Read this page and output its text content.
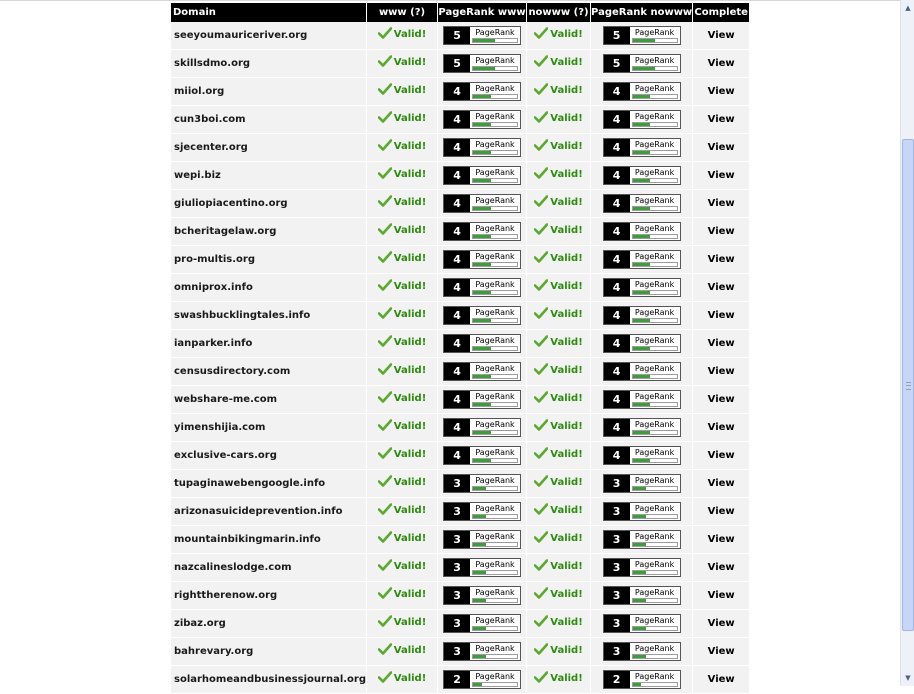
Domain	www (?)	PageRank www	nowww (?)	PageRank nowww	Complete
seeyoumauriceriver.org	Valid!	5 PageRank	Valid!	5 PageRank	View
skillsdmo.org	Valid!	5 PageRank	Valid!	5 PageRank	View
miiol.org	Valid!	4 PageRank	Valid!	4 PageRank	View
cun3boi.com	Valid!	4 PageRank	Valid!	4 PageRank	View
sjecenter.org	Valid!	4 PageRank	Valid!	4 PageRank	View
wepi.biz	Valid!	4 PageRank	Valid!	4 PageRank	View
giuliopiacentino.org	Valid!	4 PageRank	Valid!	4 PageRank	View
bcheritagelaw.org	Valid!	4 PageRank	Valid!	4 PageRank	View
pro-multis.org	Valid!	4 PageRank	Valid!	4 PageRank	View
omniprox.info	Valid!	4 PageRank	Valid!	4 PageRank	View
swashbucklingtales.info	Valid!	4 PageRank	Valid!	4 PageRank	View
ianparker.info	Valid!	4 PageRank	Valid!	4 PageRank	View
censusdirectory.com	Valid!	4 PageRank	Valid!	4 PageRank	View
webshare-me.com	Valid!	4 PageRank	Valid!	4 PageRank	View
yimenshijia.com	Valid!	4 PageRank	Valid!	4 PageRank	View
exclusive-cars.org	Valid!	4 PageRank	Valid!	4 PageRank	View
tupaginawebengoogle.info	Valid!	3 PageRank	Valid!	3 PageRank	View
arizonasuicideprevention.info	Valid!	3 PageRank	Valid!	3 PageRank	View
mountainbikingmarin.info	Valid!	3 PageRank	Valid!	3 PageRank	View
nazcalineslodge.com	Valid!	3 PageRank	Valid!	3 PageRank	View
righttherenow.org	Valid!	3 PageRank	Valid!	3 PageRank	View
zibaz.org	Valid!	3 PageRank	Valid!	3 PageRank	View
bahrevary.org	Valid!	3 PageRank	Valid!	3 PageRank	View
solarhomeandbusinessjournal.org	Valid!	2 PageRank	Valid!	2 PageRank	View
▲
▼
